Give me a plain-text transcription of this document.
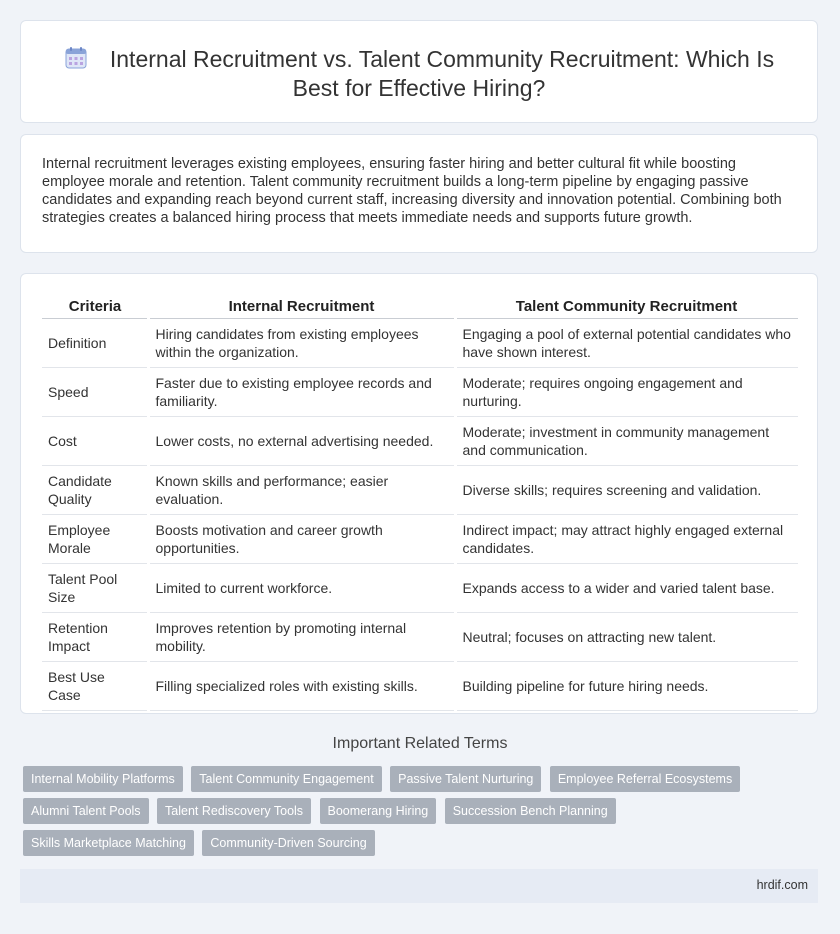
Internal Recruitment vs. Talent Community Recruitment: Which Is Best for Effective Hiring?

Internal recruitment leverages existing employees, ensuring faster hiring and better cultural fit while boosting employee morale and retention. Talent community recruitment builds a long-term pipeline by engaging passive candidates and expanding reach beyond current staff, increasing diversity and innovation potential. Combining both strategies creates a balanced hiring process that meets immediate needs and supports future growth.

Criteria	Internal Recruitment	Talent Community Recruitment
Definition	Hiring candidates from existing employees within the organization.	Engaging a pool of external potential candidates who have shown interest.
Speed	Faster due to existing employee records and familiarity.	Moderate; requires ongoing engagement and nurturing.
Cost	Lower costs, no external advertising needed.	Moderate; investment in community management and communication.
Candidate Quality	Known skills and performance; easier evaluation.	Diverse skills; requires screening and validation.
Employee Morale	Boosts motivation and career growth opportunities.	Indirect impact; may attract highly engaged external candidates.
Talent Pool Size	Limited to current workforce.	Expands access to a wider and varied talent base.
Retention Impact	Improves retention by promoting internal mobility.	Neutral; focuses on attracting new talent.
Best Use Case	Filling specialized roles with existing skills.	Building pipeline for future hiring needs.
Important Related Terms
Internal Mobility Platforms Talent Community Engagement Passive Talent Nurturing Employee Referral Ecosystems Alumni Talent Pools Talent Rediscovery Tools Boomerang Hiring Succession Bench Planning Skills Marketplace Matching Community-Driven Sourcing
hrdif.com
